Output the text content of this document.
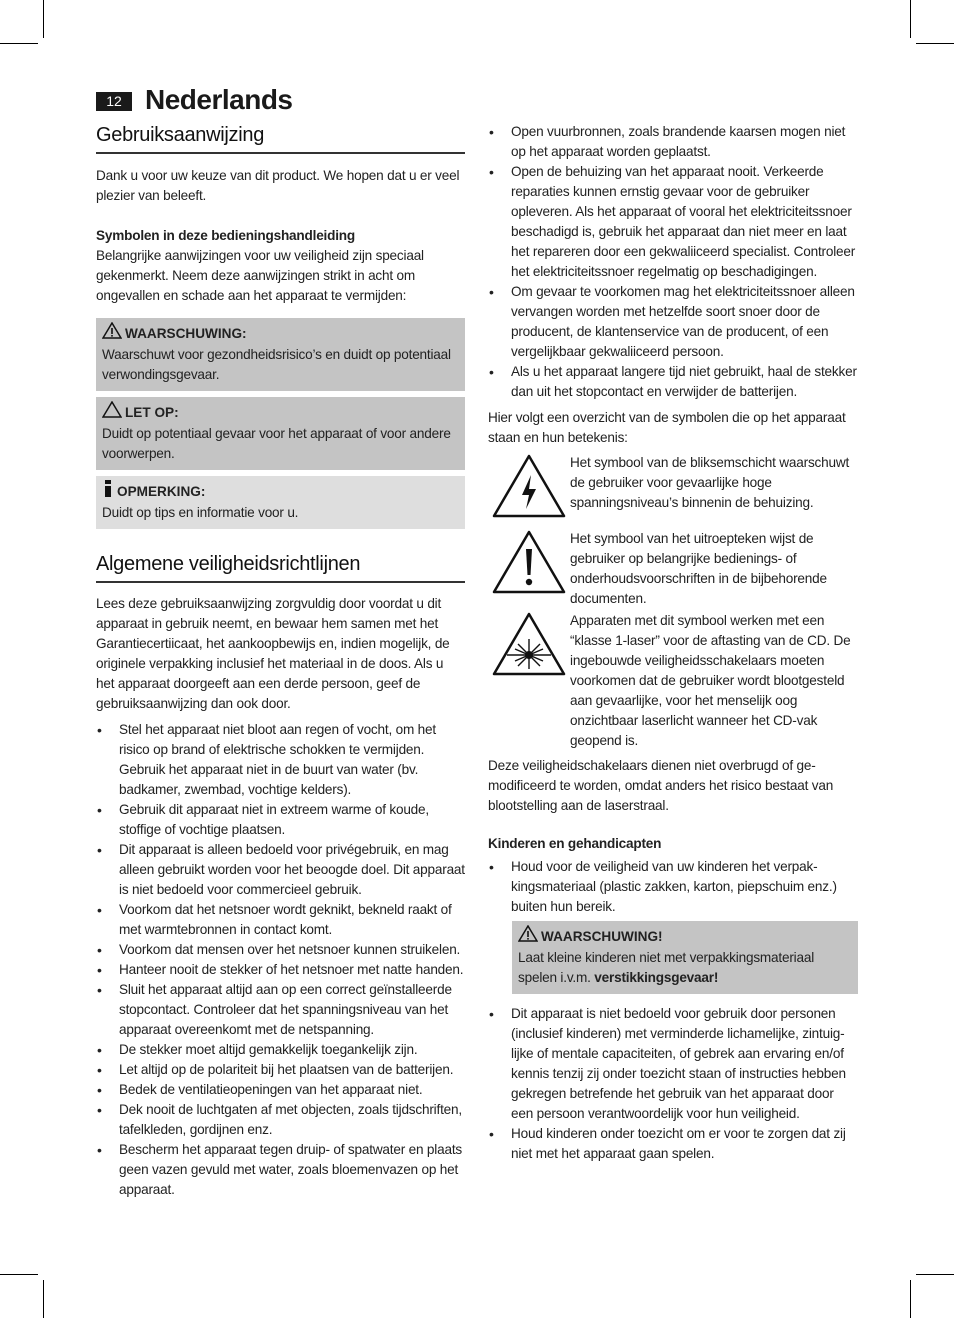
12 Nederlands
Gebruiksaanwijzing

Dank u voor uw keuze van dit product. We hopen dat u er veel plezier van beleeft.

Symbolen in deze bedieningshandleiding

Belangrijke aanwijzingen voor uw veiligheid zijn speciaal gekenmerkt. Neem deze aanwijzingen strikt in acht om ongevallen en schade aan het apparaat te vermijden:

WAARSCHUWING:
Waarschuwt voor gezondheidsrisico’s en duidt op potentiaal verwondingsgevaar.
LET OP:
Duidt op potentiaal gevaar voor het apparaat of voor andere voorwerpen.
OPMERKING:
Duidt op tips en informatie voor u.
Algemene veiligheidsrichtlijnen

Lees deze gebruiksaanwijzing zorgvuldig door voordat u dit apparaat in gebruik neemt, en bewaar hem samen met het Garantiecertiicaat, het aankoopbewijs en, indien mogelijk, de originele verpakking inclusief het materiaal in de doos. Als u het apparaat doorgeeft aan een derde persoon, geef de gebruiksaanwijzing dan ook door.

• Stel het apparaat niet bloot aan regen of vocht, om het risico op brand of elektrische schokken te vermijden. Gebruik het apparaat niet in de buurt van water (bv. badkamer, zwembad, vochtige kelders).
• Gebruik dit apparaat niet in extreem warme of koude, stoffige of vochtige plaatsen.
• Dit apparaat is alleen bedoeld voor privégebruik, en mag alleen gebruikt worden voor het beoogde doel. Dit apparaat is niet bedoeld voor commercieel gebruik.
• Voorkom dat het netsnoer wordt geknikt, bekneld raakt of met warmtebronnen in contact komt.
• Voorkom dat mensen over het netsnoer kunnen struikelen.
• Hanteer nooit de stekker of het netsnoer met natte handen.
• Sluit het apparaat altijd aan op een correct geïnstalleerde stopcontact. Controleer dat het spanningsniveau van het apparaat overeenkomt met de netspanning.
• De stekker moet altijd gemakkelijk toegankelijk zijn.
• Let altijd op de polariteit bij het plaatsen van de batterijen.
• Bedek de ventilatieopeningen van het apparaat niet.
• Dek nooit de luchtgaten af met objecten, zoals tijdschriften, tafelkleden, gordijnen enz.
• Bescherm het apparaat tegen druip- of spatwater en plaats geen vazen gevuld met water, zoals bloemenvazen op het apparaat.
• Open vuurbronnen, zoals brandende kaarsen mogen niet op het apparaat worden geplaatst.
• Open de behuizing van het apparaat nooit. Verkeerde reparaties kunnen ernstig gevaar voor de gebruiker opleveren. Als het apparaat of vooral het elektriciteitssnoer beschadigd is, gebruik het apparaat dan niet meer en laat het repareren door een gekwaliiceerd specialist. Controleer het elektriciteitssnoer regelmatig op beschadigingen.
• Om gevaar te voorkomen mag het elektriciteitssnoer alleen vervangen worden met hetzelfde soort snoer door de producent, de klantenservice van de producent, of een vergelijkbaar gekwaliiceerd persoon.
• Als u het apparaat langere tijd niet gebruikt, haal de stekker dan uit het stopcontact en verwijder de batterijen.

Hier volgt een overzicht van de symbolen die op het apparaat staan en hun betekenis:

Het symbool van de bliksemschicht waarschuwt de gebruiker voor gevaarlijke hoge spanningsniveau’s binnenin de behuizing.
Het symbool van het uitroepteken wijst de gebruiker op belangrijke bedienings- of onderhoudsvoorschriften in de bijbehorende documenten.
Apparaten met dit symbool werken met een “klasse 1-laser” voor de aftasting van de CD. De ingebouwde veiligheidsschakelaars moeten voorkomen dat de gebruiker wordt blootgesteld aan gevaarlijke, voor het menselijk oog onzichtbaar laserlicht wanneer het CD-vak geopend is.

Deze veiligheidschakelaars dienen niet overbrugd of gemodificeerd te worden, omdat anders het risico bestaat van blootstelling aan de laserstraal.

Kinderen en gehandicapten
• Houd voor de veiligheid van uw kinderen het verpakkingsmateriaal (plastic zakken, karton, piepschuim enz.) buiten hun bereik.
WAARSCHUWING!
Laat kleine kinderen niet met verpakkingsmateriaal spelen i.v.m. verstikkingsgevaar!
• Dit apparaat is niet bedoeld voor gebruik door personen (inclusief kinderen) met verminderde lichamelijke, zintuiglijke of mentale capaciteiten, of gebrek aan ervaring en/of kennis tenzij zij onder toezicht staan of instructies hebben gekregen betrefende het gebruik van het apparaat door een persoon verantwoordelijk voor hun veiligheid.
• Houd kinderen onder toezicht om er voor te zorgen dat zij niet met het apparaat gaan spelen.
